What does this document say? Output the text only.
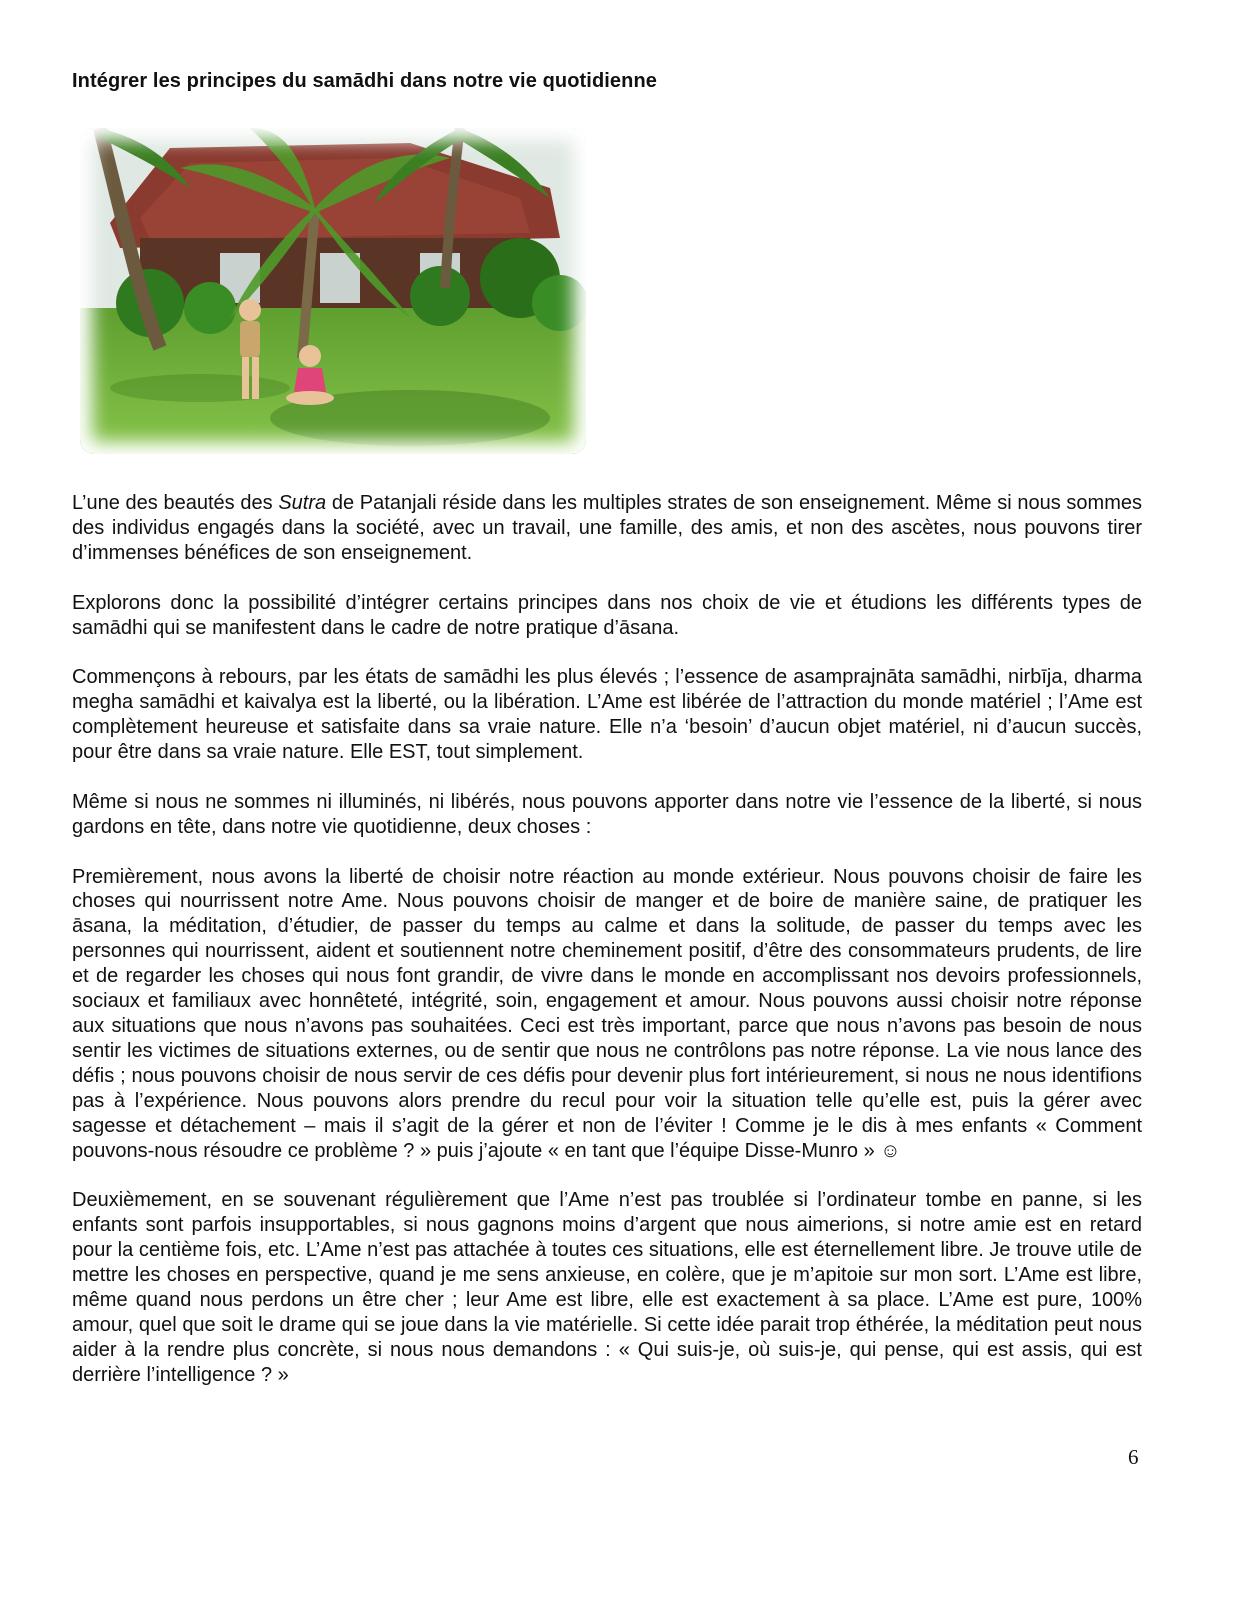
Intégrer les principes du samādhi dans notre vie quotidienne

L’une des beautés des Sutra de Patanjali réside dans les multiples strates de son enseignement. Même si nous sommes des individus engagés dans la société, avec un travail, une famille, des amis, et non des ascètes, nous pouvons tirer d’immenses bénéfices de son enseignement.

Explorons donc la possibilité d’intégrer certains principes dans nos choix de vie et étudions les différents types de samādhi qui se manifestent dans le cadre de notre pratique d’āsana.

Commençons à rebours, par les états de samādhi les plus élevés ; l’essence de asamprajnāta samādhi, nirbīja, dharma megha samādhi et kaivalya est la liberté, ou la libération. L’Ame est libérée de l’attraction du monde matériel ; l’Ame est complètement heureuse et satisfaite dans sa vraie nature. Elle n’a ‘besoin’ d’aucun objet matériel, ni d’aucun succès, pour être dans sa vraie nature. Elle EST, tout simplement.

Même si nous ne sommes ni illuminés, ni libérés, nous pouvons apporter dans notre vie l’essence de la liberté, si nous gardons en tête, dans notre vie quotidienne, deux choses :

Premièrement, nous avons la liberté de choisir notre réaction au monde extérieur. Nous pouvons choisir de faire les choses qui nourrissent notre Ame. Nous pouvons choisir de manger et de boire de manière saine, de pratiquer les āsana, la méditation, d’étudier, de passer du temps au calme et dans la solitude, de passer du temps avec les personnes qui nourrissent, aident et soutiennent notre cheminement positif, d’être des consommateurs prudents, de lire et de regarder les choses qui nous font grandir, de vivre dans le monde en accomplissant nos devoirs professionnels, sociaux et familiaux avec honnêteté, intégrité, soin, engagement et amour. Nous pouvons aussi choisir notre réponse aux situations que nous n’avons pas souhaitées. Ceci est très important, parce que nous n’avons pas besoin de nous sentir les victimes de situations externes, ou de sentir que nous ne contrôlons pas notre réponse. La vie nous lance des défis ; nous pouvons choisir de nous servir de ces défis pour devenir plus fort intérieurement, si nous ne nous identifions pas à l’expérience. Nous pouvons alors prendre du recul pour voir la situation telle qu’elle est, puis la gérer avec sagesse et détachement – mais il s’agit de la gérer et non de l’éviter ! Comme je le dis à mes enfants « Comment pouvons-nous résoudre ce problème ? » puis j’ajoute « en tant que l’équipe Disse-Munro » ☺

Deuxièmement, en se souvenant régulièrement que l’Ame n’est pas troublée si l’ordinateur tombe en panne, si les enfants sont parfois insupportables, si nous gagnons moins d’argent que nous aimerions, si notre amie est en retard pour la centième fois, etc. L’Ame n’est pas attachée à toutes ces situations, elle est éternellement libre. Je trouve utile de mettre les choses en perspective, quand je me sens anxieuse, en colère, que je m’apitoie sur mon sort. L’Ame est libre, même quand nous perdons un être cher ; leur Ame est libre, elle est exactement à sa place. L’Ame est pure, 100% amour, quel que soit le drame qui se joue dans la vie matérielle. Si cette idée parait trop éthérée, la méditation peut nous aider à la rendre plus concrète, si nous nous demandons : « Qui suis-je, où suis-je, qui pense, qui est assis, qui est derrière l’intelligence ? »

6
